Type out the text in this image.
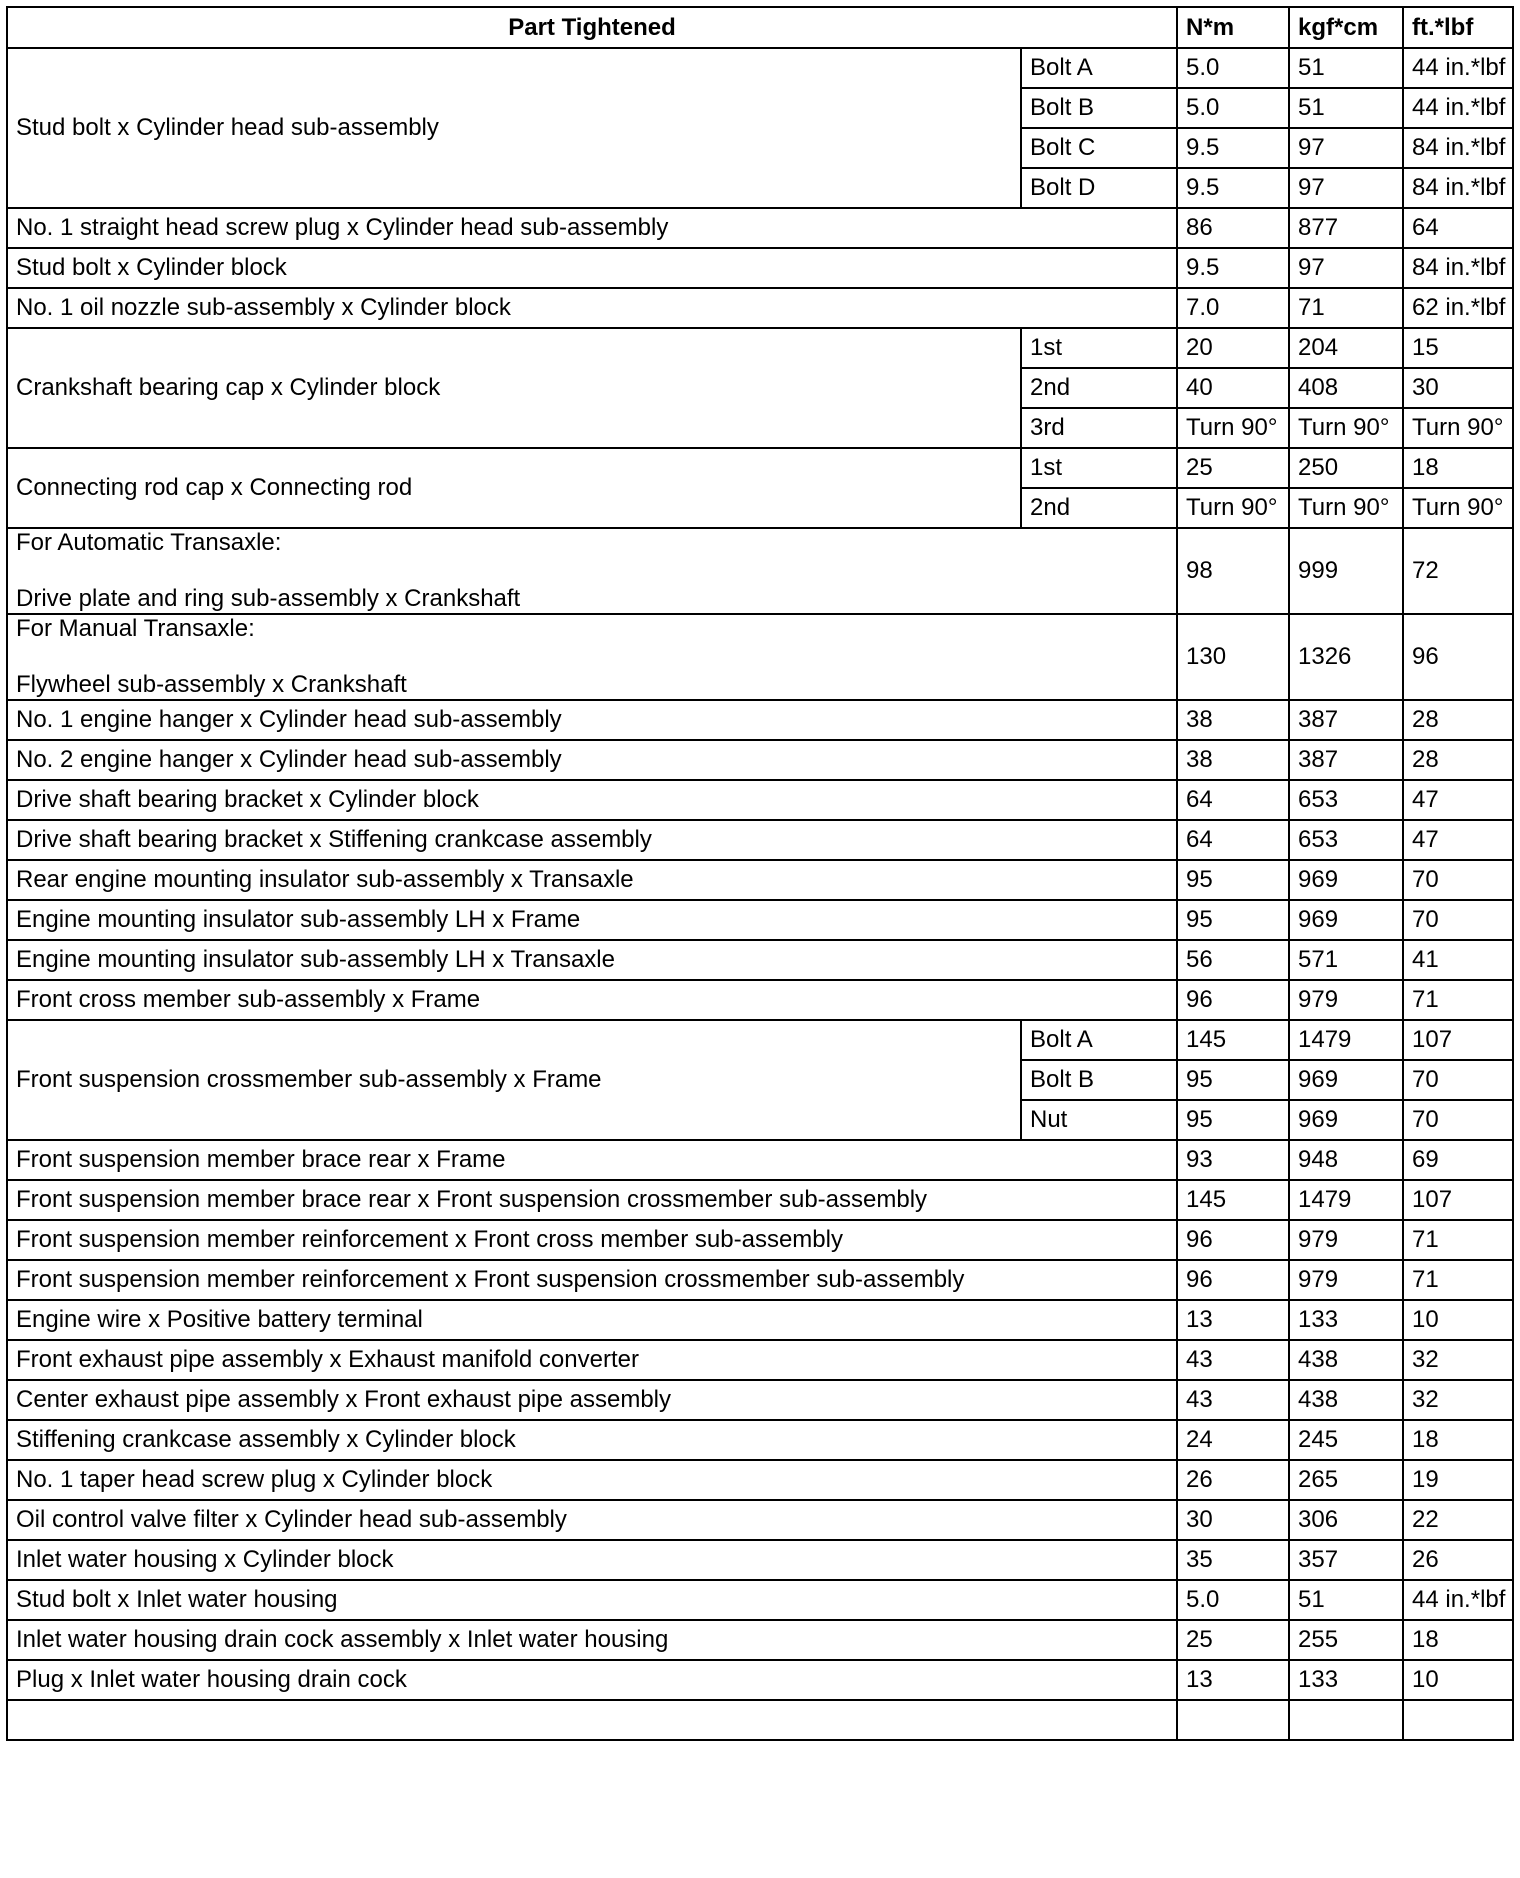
Part Tightened		N*m	kgf*cm	ft.*lbf
Stud bolt x Cylinder head sub-assembly	Bolt A	5.0	51	44 in.*lbf
	Bolt B	5.0	51	44 in.*lbf
	Bolt C	9.5	97	84 in.*lbf
	Bolt D	9.5	97	84 in.*lbf
No. 1 straight head screw plug x Cylinder head sub-assembly		86	877	64
Stud bolt x Cylinder block		9.5	97	84 in.*lbf
No. 1 oil nozzle sub-assembly x Cylinder block		7.0	71	62 in.*lbf
Crankshaft bearing cap x Cylinder block	1st	20	204	15
	2nd	40	408	30
	3rd	Turn 90°	Turn 90°	Turn 90°
Connecting rod cap x Connecting rod	1st	25	250	18
	2nd	Turn 90°	Turn 90°	Turn 90°
For Automatic Transaxle:
Drive plate and ring sub-assembly x Crankshaft		98	999	72
For Manual Transaxle:
Flywheel sub-assembly x Crankshaft		130	1326	96
No. 1 engine hanger x Cylinder head sub-assembly		38	387	28
No. 2 engine hanger x Cylinder head sub-assembly		38	387	28
Drive shaft bearing bracket x Cylinder block		64	653	47
Drive shaft bearing bracket x Stiffening crankcase assembly		64	653	47
Rear engine mounting insulator sub-assembly x Transaxle		95	969	70
Engine mounting insulator sub-assembly LH x Frame		95	969	70
Engine mounting insulator sub-assembly LH x Transaxle		56	571	41
Front cross member sub-assembly x Frame		96	979	71
Front suspension crossmember sub-assembly x Frame	Bolt A	145	1479	107
	Bolt B	95	969	70
	Nut	95	969	70
Front suspension member brace rear x Frame		93	948	69
Front suspension member brace rear x Front suspension crossmember sub-assembly		145	1479	107
Front suspension member reinforcement x Front cross member sub-assembly		96	979	71
Front suspension member reinforcement x Front suspension crossmember sub-assembly		96	979	71
Engine wire x Positive battery terminal		13	133	10
Front exhaust pipe assembly x Exhaust manifold converter		43	438	32
Center exhaust pipe assembly x Front exhaust pipe assembly		43	438	32
Stiffening crankcase assembly x Cylinder block		24	245	18
No. 1 taper head screw plug x Cylinder block		26	265	19
Oil control valve filter x Cylinder head sub-assembly		30	306	22
Inlet water housing x Cylinder block		35	357	26
Stud bolt x Inlet water housing		5.0	51	44 in.*lbf
Inlet water housing drain cock assembly x Inlet water housing		25	255	18
Plug x Inlet water housing drain cock		13	133	10
